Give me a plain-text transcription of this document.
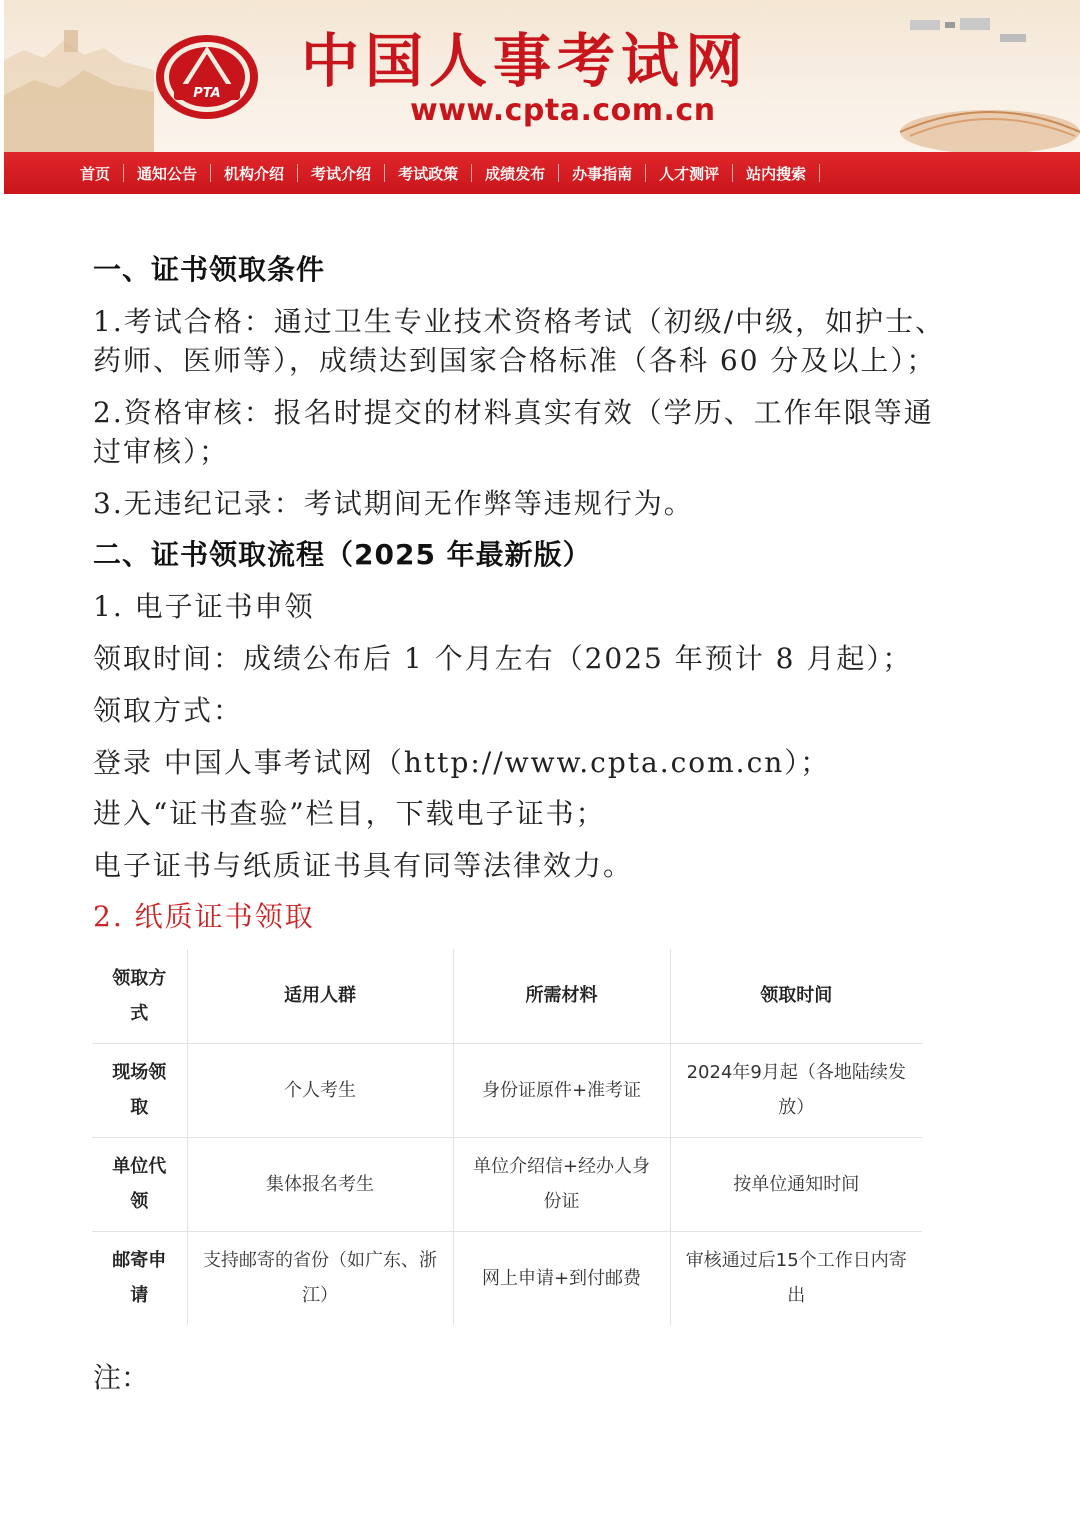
PTA 中国人事考试网
www.cpta.com.cn
首页 通知公告 机构介绍 考试介绍 考试政策 成绩发布 办事指南 人才测评 站内搜索
一、证书领取条件
1.考试合格：通过卫生专业技术资格考试（初级/中级，如护士、
药师、医师等），成绩达到国家合格标准（各科 60 分及以上）；
2.资格审核：报名时提交的材料真实有效（学历、工作年限等通
过审核）；
3.无违纪记录：考试期间无作弊等违规行为。
二、证书领取流程（2025 年最新版）
1. 电子证书申领
领取时间：成绩公布后 1 个月左右（2025 年预计 8 月起）；
领取方式：
登录 中国人事考试网（http://www.cpta.com.cn）；
进入“证书查验”栏目，下载电子证书；
电子证书与纸质证书具有同等法律效力。
2. 纸质证书领取
领取方式	适用人群	所需材料	领取时间
现场领取	个人考生	身份证原件+准考证	2024年9月起（各地陆续发放）
单位代领	集体报名考生	单位介绍信+经办人身份证	按单位通知时间
邮寄申请	支持邮寄的省份（如广东、浙江）	网上申请+到付邮费	审核通过后15个工作日内寄出
注：
